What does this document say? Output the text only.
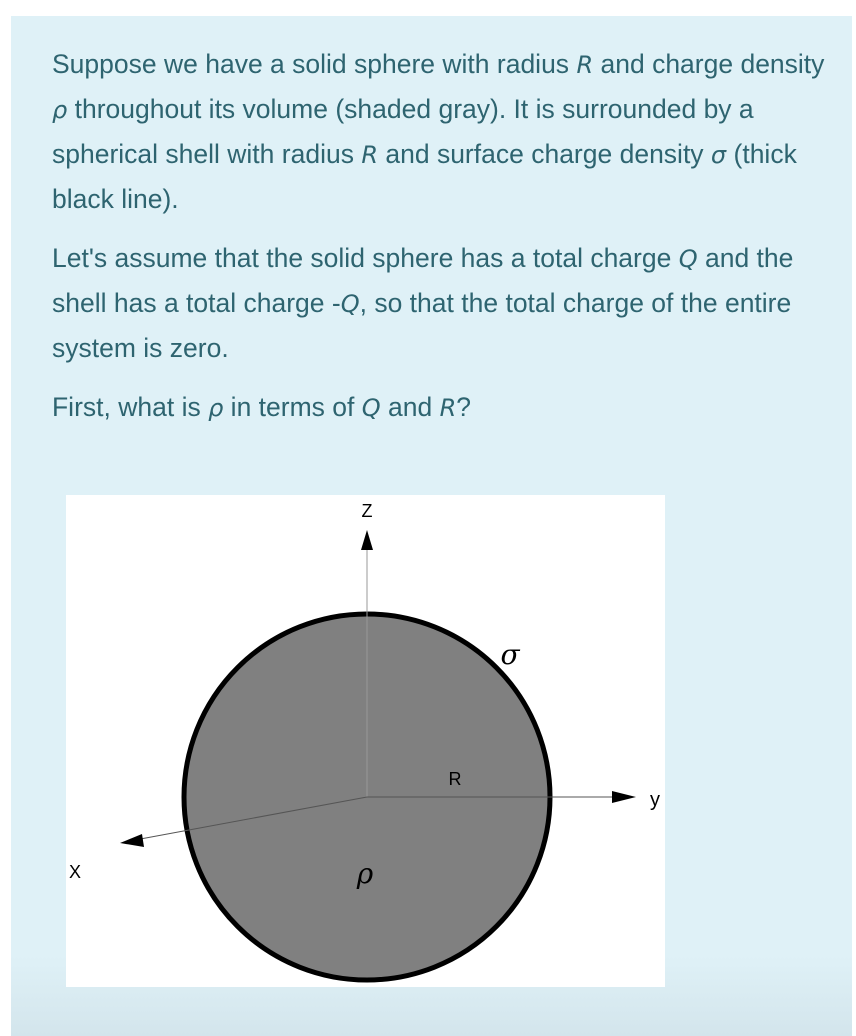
Suppose we have a solid sphere with radius R and charge density ρ throughout its volume (shaded gray). It is surrounded by a spherical shell with radius R and surface charge density σ (thick black line).

Let's assume that the solid sphere has a total charge Q and the shell has a total charge -Q, so that the total charge of the entire system is zero.

First, what is ρ in terms of Q and R?

Z
y
X
R
σ
ρ
